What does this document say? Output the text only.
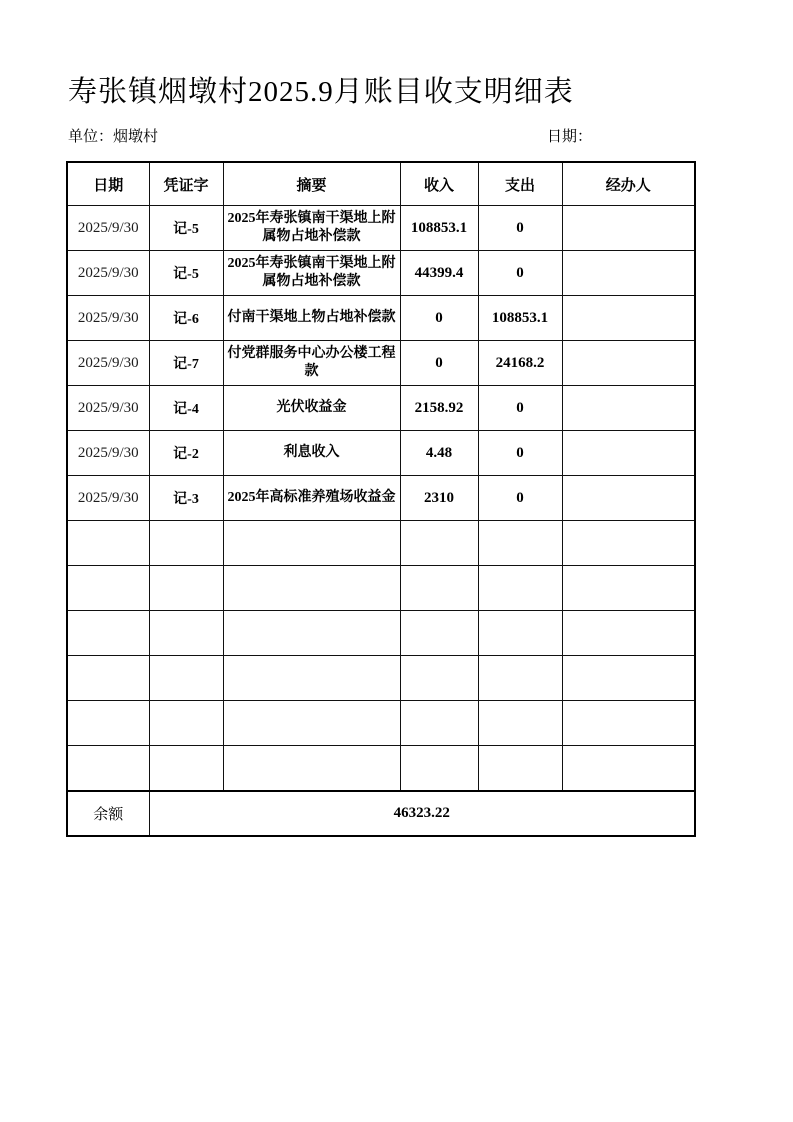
寿张镇烟墩村2025.9月账目收支明细表
单位：烟墩村	日期：
日期	凭证字	摘要	收入	支出	经办人
2025/9/30	记-5	2025年寿张镇南干渠地上附属物占地补偿款	108853.1	0	
2025/9/30	记-5	2025年寿张镇南干渠地上附属物占地补偿款	44399.4	0	
2025/9/30	记-6	付南干渠地上物占地补偿款	0	108853.1	
2025/9/30	记-7	付党群服务中心办公楼工程款	0	24168.2	
2025/9/30	记-4	光伏收益金	2158.92	0	
2025/9/30	记-2	利息收入	4.48	0	
2025/9/30	记-3	2025年高标准养殖场收益金	2310	0	

余额	46323.22				
